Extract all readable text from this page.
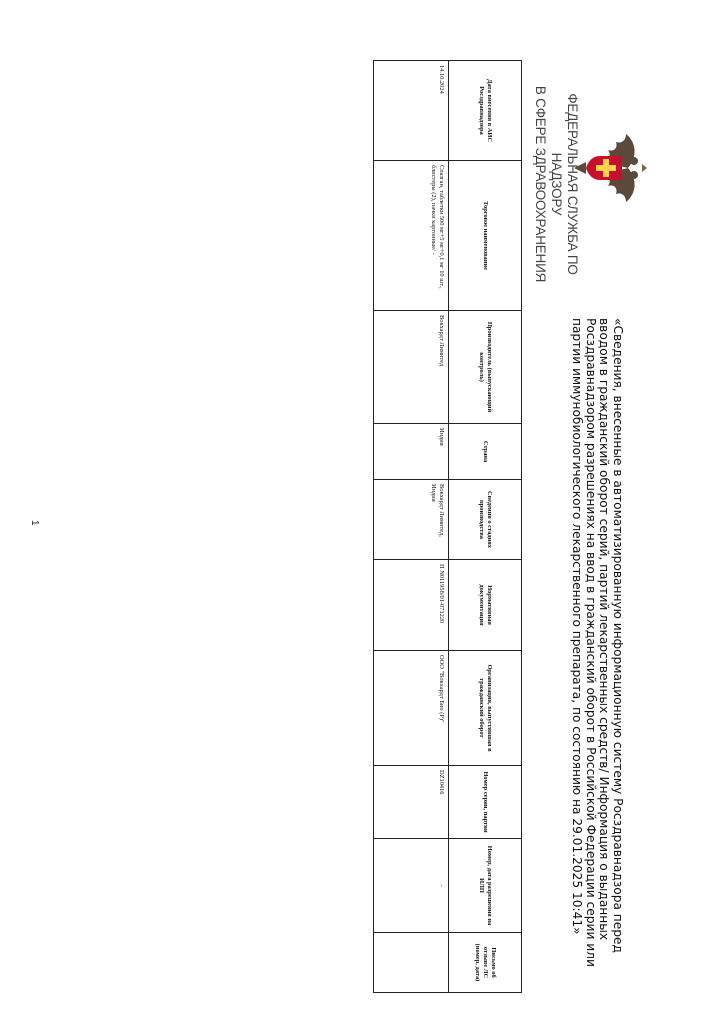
ФЕДЕРАЛЬНАЯ СЛУЖБА ПО НАДЗОРУ
В СФЕРЕ ЗДРАВООХРАНЕНИЯ
«Сведения, внесенные в автоматизированную информационную систему Росздравнадзора перед вводом в гражданский оборот серий, партий лекарственных средств/ Информация о выданных Росздравнадзором разрешениях на ввод в гражданский оборот в Российской Федерации серии или партии иммунобиологического лекарственного препарата, по состоянию на 29.01.2025 10:41»
Дата внесения в АИС Росздравнадзора	Торговое наименование	Производитель (выпускающий контроль)	Страна	Сведения о стадиях производства	Нормативная документация	Организация, выпустившая в гражданский оборот	Номер серии, партии	Номер, дата разрешения на ИЛП	Письмо об отзыве ЛС (номер, дата)
14.10.2024	Спазган, таблетки 500 мг+5 мг+0,1 мг 10 шт., блистеры (2), пачки картонные/ -	Вокхардт Лимитед	Индия	Вокхардт Лимитед, Индия	П N011958/01-071220	ООО "Вокхардт Био (Р)"	DZ10416	-	
1
